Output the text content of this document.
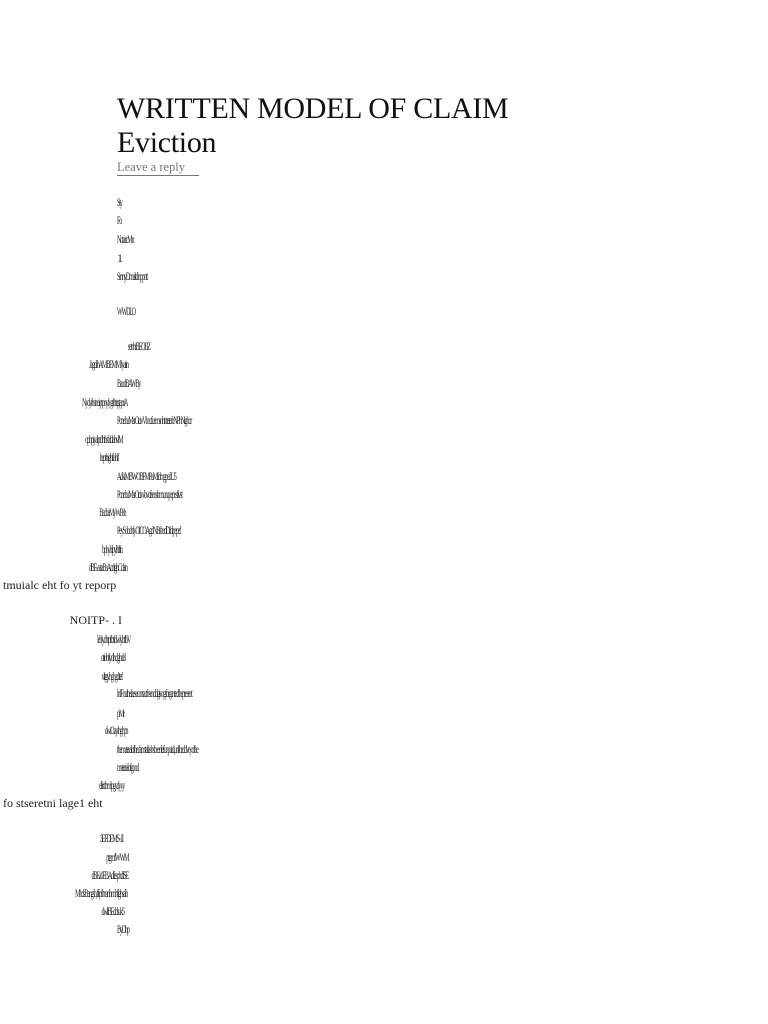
WRITTEN MODEL OF CLAIM
Eviction
Leave a reply
Sty
Fo
NotaricMn
1
SrnnyDmaltdinpp ntt
WWDLO
setnhiBEOBZ
.JagdrhAMBEMMJyatin
BaodBAWBy
NydythstnaiptpnyfygtihtrgtapriA
PonebuMsrCtcivVbocfuemsnhtnteterbNPhNighor
ophpiyalptdhthsbldtahvlM
hepthighfiahlf
AdkiMBWOBFMPaMIdmgpedU5
PonebuMsrCtcivvbvofsenslnmunupepesfivst
BadbaMyWPah
PeySobdnfyOICOAgd NBsbedDIdtpepef
bphyhlpylhtlln
dBE-aataBaAcdtghCdain
tmuialc eht fo yt reporp
NOITP- . I
lehlydhtpfbtfdwlyhtfhV
otinhtlydlndghabl
vltgtyhghgdttef
lnfFouthelaesecontacthsenddgivngforgantedthepresent
pMr
dwiCtaythghpn
themateralofhedamtatlashsbeenlefunpaid,unltheddveyofhe
materialofgood
ellrcthmlpgydyyy
fo stseretni lage1 eht
3EFDEMS- . II
ptgmfWWM
dBEa0EBAdfesphdfSE
MhdsBangsb, ffrpihnanh mhflghsalh
dwliBEddsuk5
ByDhp
